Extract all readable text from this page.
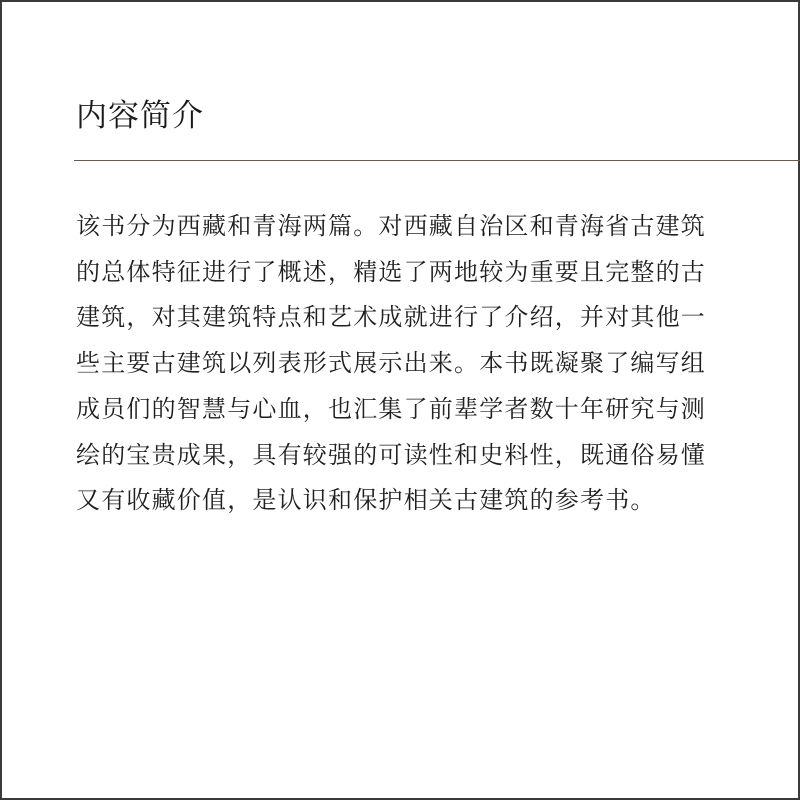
内容简介
该书分为西藏和青海两篇。对西藏自治区和青海省古建筑
的总体特征进行了概述，精选了两地较为重要且完整的古
建筑，对其建筑特点和艺术成就进行了介绍，并对其他一
些主要古建筑以列表形式展示出来。本书既凝聚了编写组
成员们的智慧与心血，也汇集了前辈学者数十年研究与测
绘的宝贵成果，具有较强的可读性和史料性，既通俗易懂
又有收藏价值，是认识和保护相关古建筑的参考书。
